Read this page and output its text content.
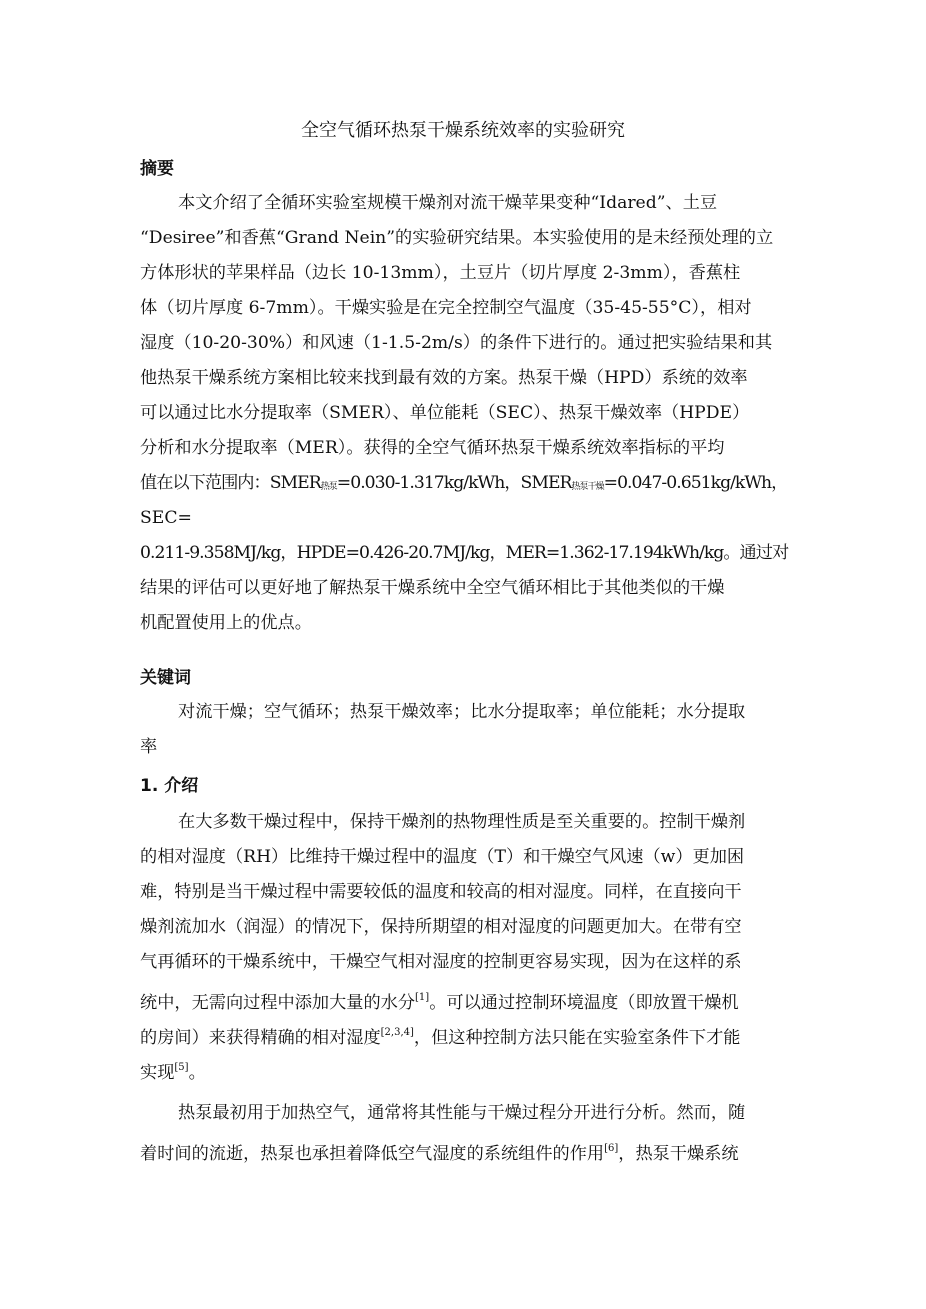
全空气循环热泵干燥系统效率的实验研究
摘要
本文介绍了全循环实验室规模干燥剂对流干燥苹果变种“Idared”、土豆
“Desiree”和香蕉“Grand Nein”的实验研究结果。本实验使用的是未经预处理的立
方体形状的苹果样品（边长 10-13mm），土豆片（切片厚度 2-3mm），香蕉柱
体（切片厚度 6-7mm）。干燥实验是在完全控制空气温度（35-45-55°C），相对
湿度（10-20-30%）和风速（1-1.5-2m/s）的条件下进行的。通过把实验结果和其
他热泵干燥系统方案相比较来找到最有效的方案。热泵干燥（HPD）系统的效率
可以通过比水分提取率（SMER）、单位能耗（SEC）、热泵干燥效率（HPDE）
分析和水分提取率（MER）。获得的全空气循环热泵干燥系统效率指标的平均
值在以下范围内：SMER热泵=0.030-1.317kg/kWh，SMER热泵干燥=0.047-0.651kg/kWh，
SEC=
0.211-9.358MJ/kg，HPDE=0.426-20.7MJ/kg，MER=1.362-17.194kWh/kg。通过对
结果的评估可以更好地了解热泵干燥系统中全空气循环相比于其他类似的干燥
机配置使用上的优点。
关键词
对流干燥；空气循环；热泵干燥效率；比水分提取率；单位能耗；水分提取
率
1. 介绍
在大多数干燥过程中，保持干燥剂的热物理性质是至关重要的。控制干燥剂
的相对湿度（RH）比维持干燥过程中的温度（T）和干燥空气风速（w）更加困
难，特别是当干燥过程中需要较低的温度和较高的相对湿度。同样，在直接向干
燥剂流加水（润湿）的情况下，保持所期望的相对湿度的问题更加大。在带有空
气再循环的干燥系统中，干燥空气相对湿度的控制更容易实现，因为在这样的系
统中，无需向过程中添加大量的水分[1]。可以通过控制环境温度（即放置干燥机
的房间）来获得精确的相对湿度[2,3,4]，但这种控制方法只能在实验室条件下才能
实现[5]。
热泵最初用于加热空气，通常将其性能与干燥过程分开进行分析。然而，随
着时间的流逝，热泵也承担着降低空气湿度的系统组件的作用[6]，热泵干燥系统
